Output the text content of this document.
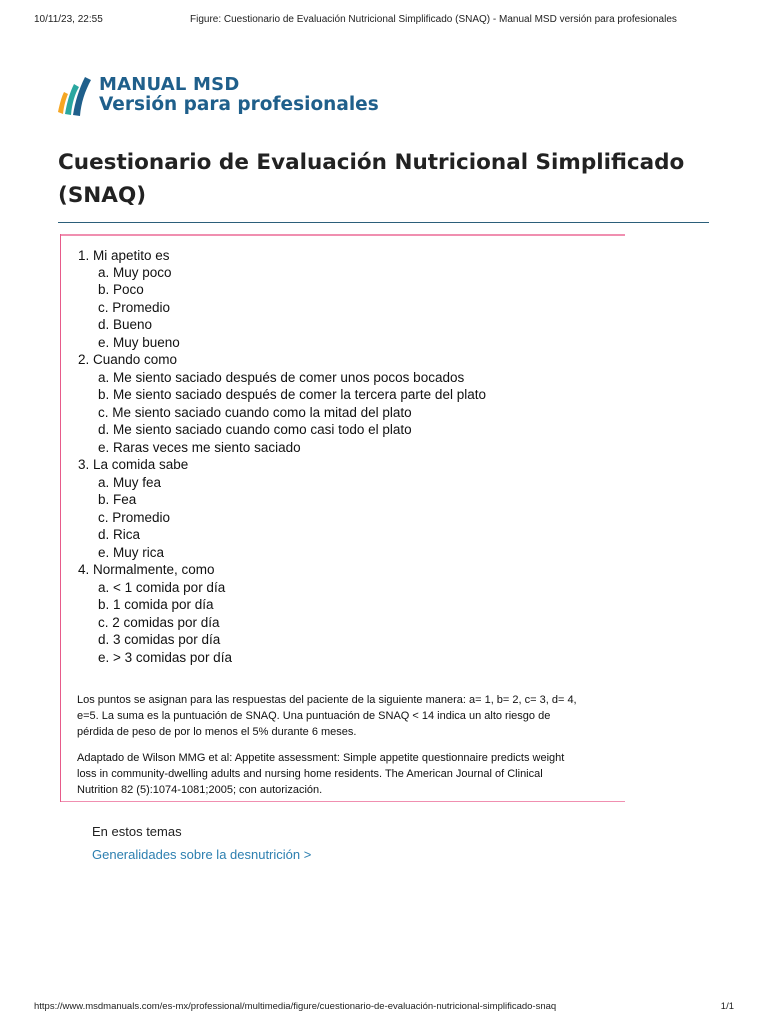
10/11/23, 22:55	Figure: Cuestionario de Evaluación Nutricional Simplificado (SNAQ) - Manual MSD versión para profesionales
MANUAL MSD
Versión para profesionales
Cuestionario de Evaluación Nutricional Simplificado (SNAQ)
1. Mi apetito es
a. Muy poco
b. Poco
c. Promedio
d. Bueno
e. Muy bueno
2. Cuando como
a. Me siento saciado después de comer unos pocos bocados
b. Me siento saciado después de comer la tercera parte del plato
c. Me siento saciado cuando como la mitad del plato
d. Me siento saciado cuando como casi todo el plato
e. Raras veces me siento saciado
3. La comida sabe
a. Muy fea
b. Fea
c. Promedio
d. Rica
e. Muy rica
4. Normalmente, como
a. < 1 comida por día
b. 1 comida por día
c. 2 comidas por día
d. 3 comidas por día
e. > 3 comidas por día
Los puntos se asignan para las respuestas del paciente de la siguiente manera: a= 1, b= 2, c= 3, d= 4, e=5. La suma es la puntuación de SNAQ. Una puntuación de SNAQ < 14 indica un alto riesgo de pérdida de peso de por lo menos el 5% durante 6 meses.
Adaptado de Wilson MMG et al: Appetite assessment: Simple appetite questionnaire predicts weight loss in community-dwelling adults and nursing home residents. The American Journal of Clinical Nutrition 82 (5):1074-1081;2005; con autorización.
En estos temas
Generalidades sobre la desnutrición >
https://www.msdmanuals.com/es-mx/professional/multimedia/figure/cuestionario-de-evaluación-nutricional-simplificado-snaq	1/1
